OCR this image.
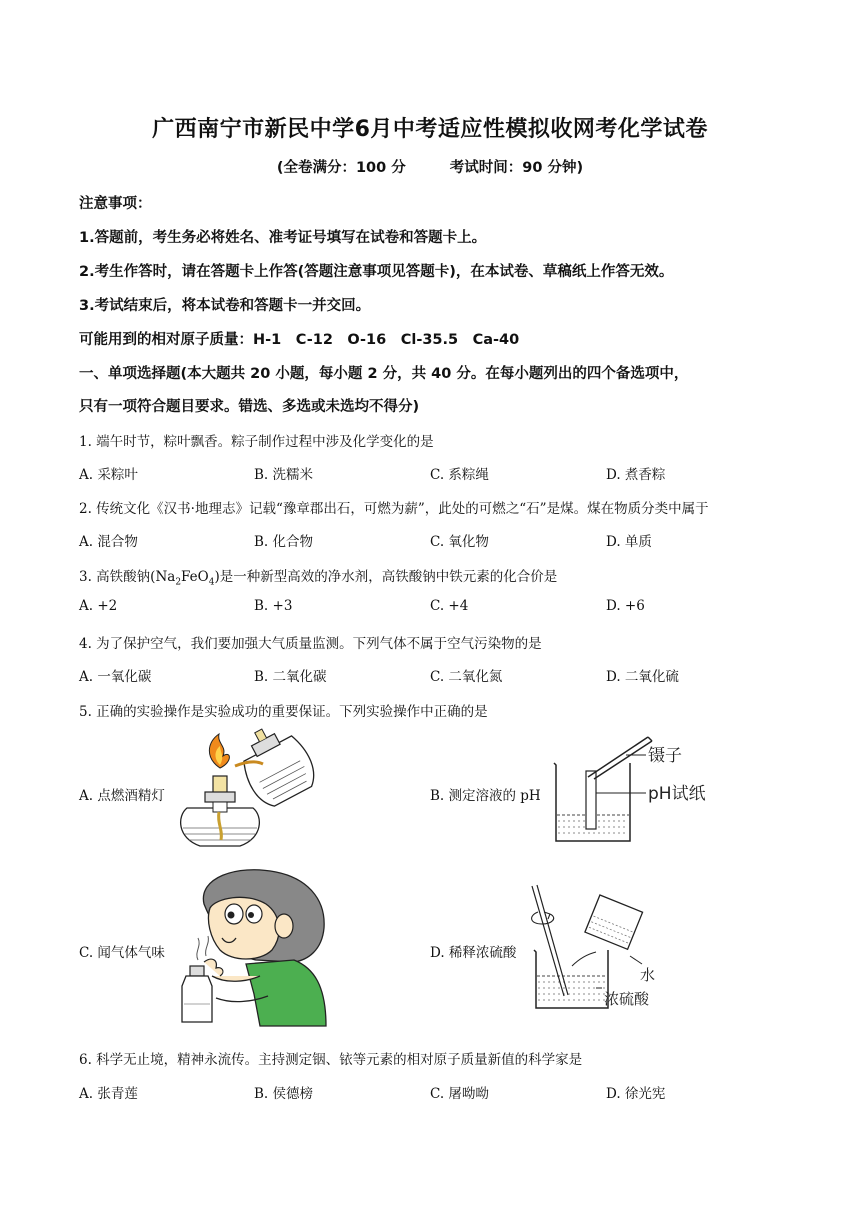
广西南宁市新民中学6月中考适应性模拟收网考化学试卷
(全卷满分：100 分	考试时间：90 分钟)
注意事项：
1.答题前，考生务必将姓名、准考证号填写在试卷和答题卡上。
2.考生作答时，请在答题卡上作答(答题注意事项见答题卡)，在本试卷、草稿纸上作答无效。
3.考试结束后，将本试卷和答题卡一并交回。
可能用到的相对原子质量：H-1　C-12　O-16　Cl-35.5　Ca-40
一、单项选择题(本大题共 20 小题，每小题 2 分，共 40 分。在每小题列出的四个备选项中，
只有一项符合题目要求。错选、多选或未选均不得分)
1. 端午时节，粽叶飘香。粽子制作过程中涉及化学变化的是
A. 采粽叶	B. 洗糯米	C. 系粽绳	D. 煮香粽
2. 传统文化《汉书·地理志》记载“豫章郡出石，可燃为薪”，此处的可燃之“石”是煤。煤在物质分类中属于
A. 混合物	B. 化合物	C. 氧化物	D. 单质
3. 高铁酸钠$(Na_2FeO_4)$是一种新型高效的净水剂，高铁酸钠中铁元素的化合价是
A. +2	B. +3	C. +4	D. +6
4. 为了保护空气，我们要加强大气质量监测。下列气体不属于空气污染物的是
A. 一氧化碳	B. 二氧化碳	C. 二氧化氮	D. 二氧化硫
5. 正确的实验操作是实验成功的重要保证。下列实验操作中正确的是
A. 点燃酒精灯	B. 测定溶液的 pH
镊子
pH试纸
C. 闻气体气味	D. 稀释浓硫酸
水
浓硫酸
6. 科学无止境，精神永流传。主持测定铟、铱等元素的相对原子质量新值的科学家是
A. 张青莲	B. 侯德榜	C. 屠呦呦	D. 徐光宪
